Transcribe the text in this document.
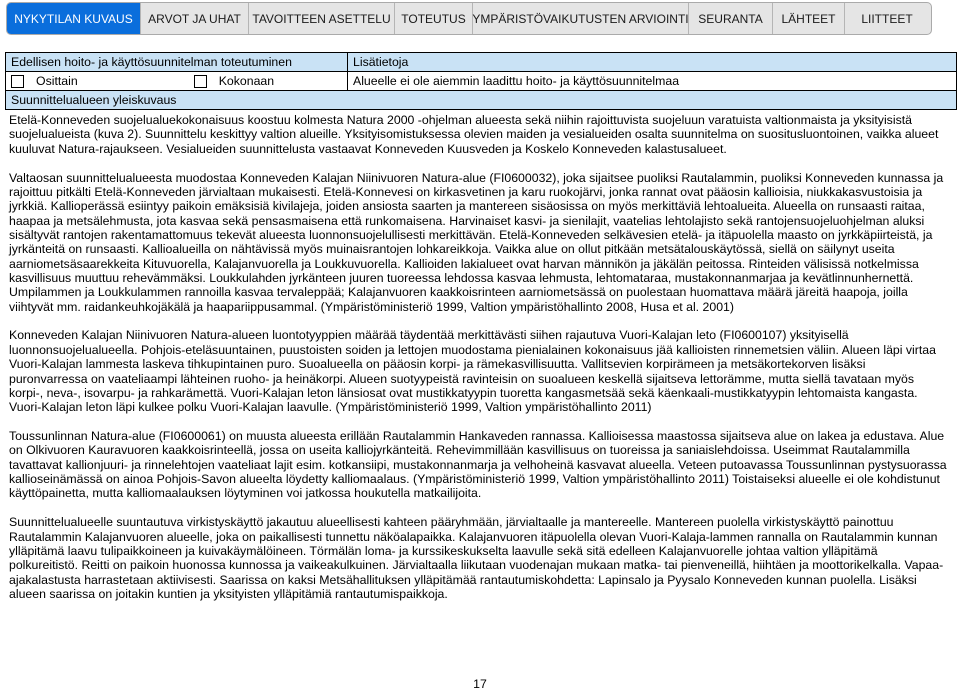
NYKYTILAN KUVAUS	ARVOT JA UHAT TAVOITTEEN ASETTELU TOTEUTUS YMPÄRISTÖVAIKUTUSTEN ARVIOINTI SEURANTA	LÄHTEET	LIITTEET
Edellisen hoito- ja käyttösuunnitelman toteutuminen	Lisätietoja

Osittain Kokonaan	Alueelle ei ole aiemmin laadittu hoito- ja käyttösuunnitelmaa
Suunnittelualueen yleiskuvaus	

Etelä-Konneveden suojelualuekokonaisuus koostuu kolmesta Natura 2000 -ohjelman alueesta sekä niihin rajoittuvista suojeluun varatuista valtionmaista ja yksityisistä suojelualueista (kuva 2). Suunnittelu keskittyy valtion alueille. Yksityisomistuksessa olevien maiden ja vesialueiden osalta suunnitelma on suositusluontoinen, vaikka alueet kuuluvat Natura-rajaukseen. Vesialueiden suunnittelusta vastaavat Konneveden Kuusveden ja Koskelo Konneveden kalastusalueet.

Valtaosan suunnittelualueesta muodostaa Konneveden Kalajan Niinivuoren Natura-alue (FI0600032), joka sijaitsee puoliksi Rautalammin, puoliksi Konneveden kunnassa ja rajoittuu pitkälti Etelä-Konneveden järvialtaan mukaisesti. Etelä-Konnevesi on kirkasvetinen ja karu ruokojärvi, jonka rannat ovat pääosin kallioisia, niukkakasvustoisia ja jyrkkiä. Kallioperässä esiintyy paikoin emäksisiä kivilajeja, joiden ansiosta saarten ja mantereen sisäosissa on myös merkittäviä lehtoalueita. Alueella on runsaasti raitaa, haapaa ja metsälehmusta, jota kasvaa sekä pensasmaisena että runkomaisena. Harvinaiset kasvi- ja sienilajit, vaatelias lehtolajisto sekä rantojensuojeluohjelman aluksi sisältyvät rantojen rakentamattomuus tekevät alueesta luonnonsuojelullisesti merkittävän. Etelä-Konneveden selkävesien etelä- ja itäpuolella maasto on jyrkkäpiirteistä, ja jyrkänteitä on runsaasti. Kallioalueilla on nähtävissä myös muinaisrantojen lohkareikkoja. Vaikka alue on ollut pitkään metsätalouskäytössä, siellä on säilynyt useita aarniometsäsaarekkeita Kituvuorella, Kalajanvuorella ja Loukkuvuorella. Kallioiden lakialueet ovat harvan männikön ja jäkälän peitossa. Rinteiden välisissä notkelmissa kasvillisuus muuttuu rehevämmäksi. Loukkulahden jyrkänteen juuren tuoreessa lehdossa kasvaa lehmusta, lehtomataraa, mustakonnanmarjaa ja kevätlinnunhernettä. Umpilammen ja Loukkulammen rannoilla kasvaa tervaleppää; Kalajanvuoren kaakkoisrinteen aarniometsässä on puolestaan huomattava määrä järeitä haapoja, joilla viihtyvät mm. raidankeuhkojäkälä ja haapariippusammal. (Ympäristöministeriö 1999, Valtion ympäristöhallinto 2008, Husa et al. 2001)

Konneveden Kalajan Niinivuoren Natura-alueen luontotyyppien määrää täydentää merkittävästi siihen rajautuva Vuori-Kalajan leto (FI0600107) yksityisellä luonnonsuojelualueella. Pohjois-eteläsuuntainen, puustoisten soiden ja lettojen muodostama pienialainen kokonaisuus jää kallioisten rinnemetsien väliin. Alueen läpi virtaa Vuori-Kalajan lammesta laskeva tihkupintainen puro. Suoalueella on pääosin korpi- ja rämekasvillisuutta. Vallitsevien korpirämeen ja metsäkortekorven lisäksi puronvarressa on vaateliaampi lähteinen ruoho- ja heinäkorpi. Alueen suotyypeistä ravinteisin on suoalueen keskellä sijaitseva lettorämme, mutta siellä tavataan myös korpi-, neva-, isovarpu- ja rahkarämettä. Vuori-Kalajan leton länsiosat ovat mustikkatyypin tuoretta kangasmetsää sekä käenkaali-mustikkatyypin lehtomaista kangasta. Vuori-Kalajan leton läpi kulkee polku Vuori-Kalajan laavulle. (Ympäristöministeriö 1999, Valtion ympäristöhallinto 2011)

Toussunlinnan Natura-alue (FI0600061) on muusta alueesta erillään Rautalammin Hankaveden rannassa. Kallioisessa maastossa sijaitseva alue on lakea ja edustava. Alue on Olkivuoren Kauravuoren kaakkoisrinteellä, jossa on useita kalliojyrkänteitä. Rehevimmillään kasvillisuus on tuoreissa ja saniaislehdoissa. Useimmat Rautalammilla tavattavat kallionjuuri- ja rinnelehtojen vaateliaat lajit esim. kotkansiipi, mustakonnanmarja ja velhoheinä kasvavat alueella. Veteen putoavassa Toussunlinnan pystysuorassa kallioseinämässä on ainoa Pohjois-Savon alueelta löydetty kalliomaalaus. (Ympäristöministeriö 1999, Valtion ympäristöhallinto 2011) Toistaiseksi alueelle ei ole kohdistunut käyttöpainetta, mutta kalliomaalauksen löytyminen voi jatkossa houkutella matkailijoita.

Suunnittelualueelle suuntautuva virkistyskäyttö jakautuu alueellisesti kahteen pääryhmään, järvialtaalle ja mantereelle. Mantereen puolella virkistyskäyttö painottuu Rautalammin Kalajanvuoren alueelle, joka on paikallisesti tunnettu näköalapaikka. Kalajanvuoren itäpuolella olevan Vuori-Kalaja-lammen rannalla on Rautalammin kunnan ylläpitämä laavu tulipaikkoineen ja kuivakäymälöineen. Törmälän lomа- ja kurssikeskukselta laavulle sekä sitä edelleen Kalajanvuorelle johtaa valtion ylläpitämä polkureitistö. Reitti on paikoin huonossa kunnossa ja vaikeakulkuinen. Järvialtaalla liikutaan vuodenajan mukaan matka- tai pienveneillä, hiihtäen ja moottorikelkalla. Vapaa-ajakalastusta harrastetaan aktiivisesti. Saarissa on kaksi Metsähallituksen ylläpitämää rantautumiskohdetta: Lapinsalo ja Pyysalo Konneveden kunnan puolella. Lisäksi alueen saarissa on joitakin kuntien ja yksityisten ylläpitämiä rantautumispaikkoja.

17
